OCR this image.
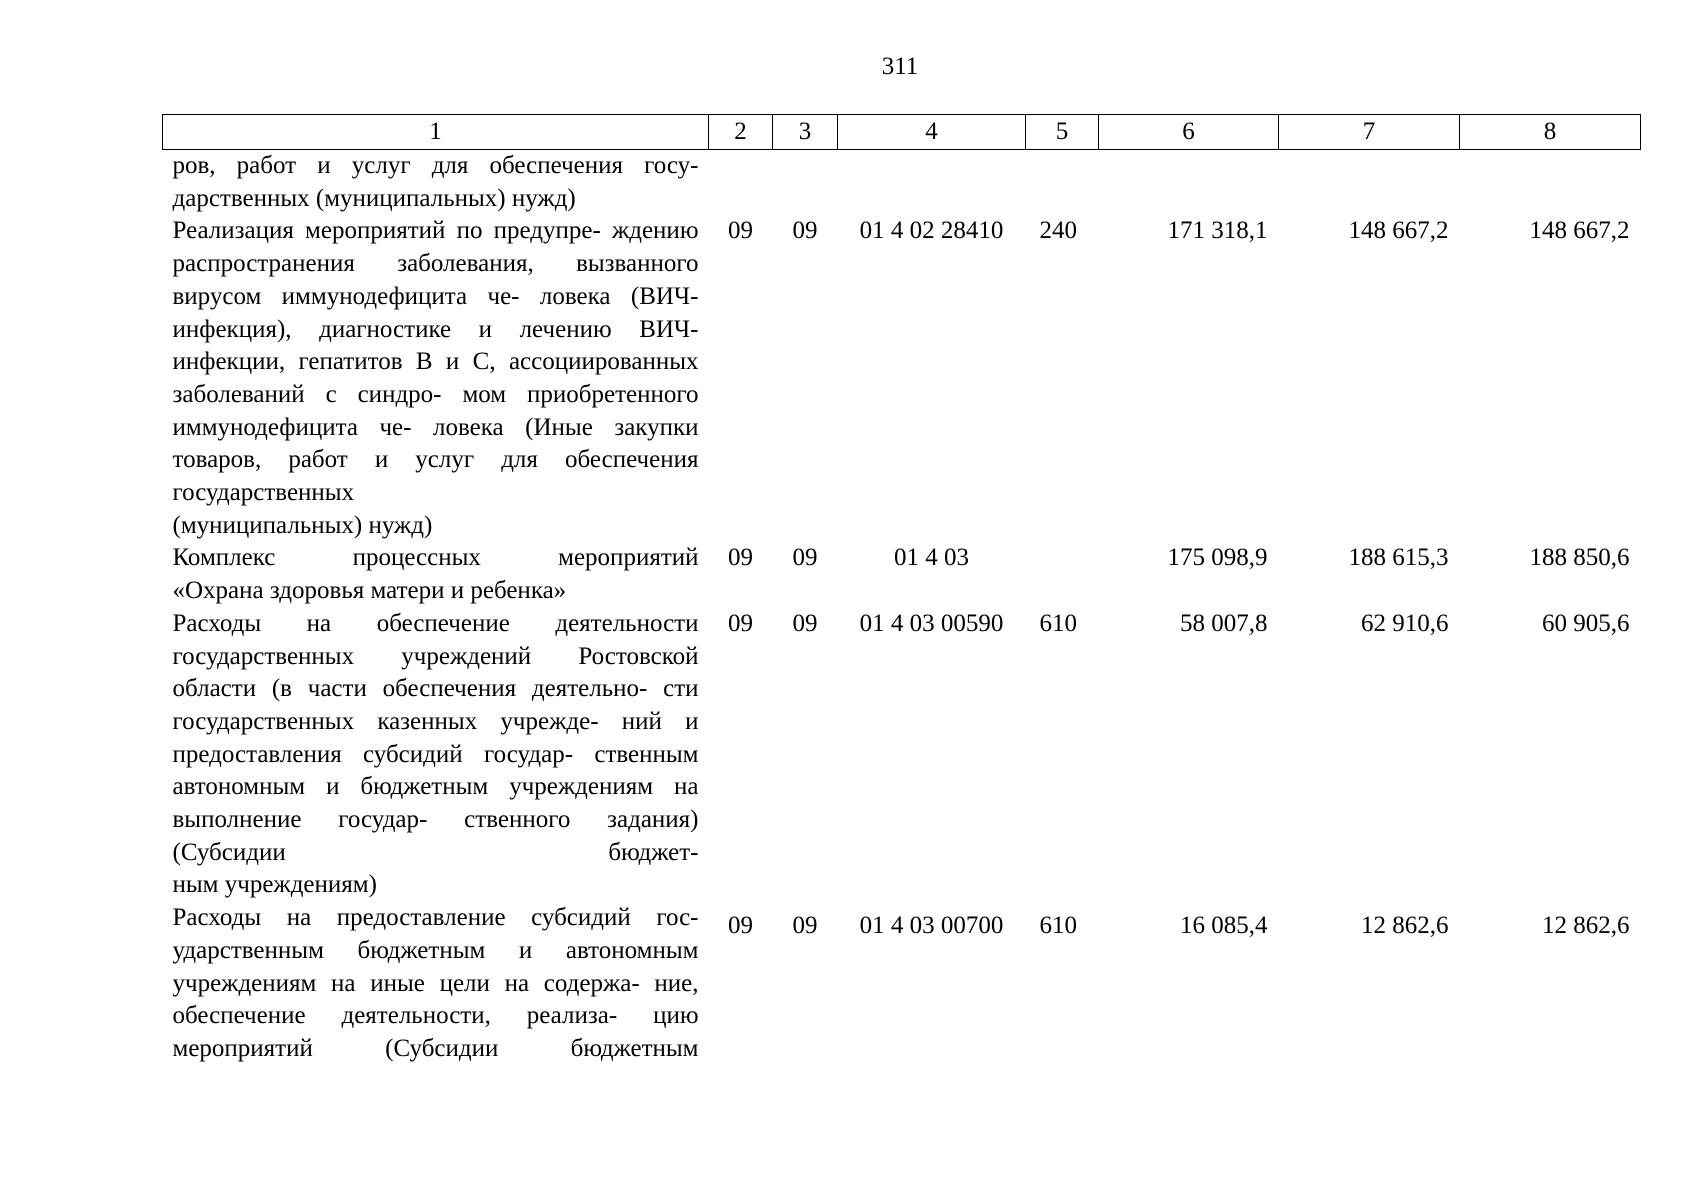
311
1	2	3	4	5	6	7	8
ров, работ и услуг для обеспечения госу-
дарственных (муниципальных) нужд)							

Реализация мероприятий по предупре- ждению распространения заболевания, вызванного вирусом иммунодефицита че- ловека (ВИЧ-инфекция), диагностике и лечению ВИЧ-инфекции, гепатитов В и С, ассоциированных заболеваний с синдро- мом приобретенного иммунодефицита че- ловека (Иные закупки товаров, работ и услуг для обеспечения государственных
(муниципальных) нужд)	09	09	01 4 02 28410	240	171 318,1	148 667,2	148 667,2
Комплекс процессных мероприятий
«Охрана здоровья матери и ребенка»	09	09	01 4 03		175 098,9	188 615,3	188 850,6
Расходы на обеспечение деятельности государственных учреждений Ростовской области (в части обеспечения деятельно- сти государственных казенных учрежде- ний и предоставления субсидий государ- ственным автономным и бюджетным учреждениям на выполнение государ- ственного задания) (Субсидии бюджет-
ным учреждениям)	09	09	01 4 03 00590	610	58 007,8	62 910,6	60 905,6
Расходы на предоставление субсидий гос- ударственным бюджетным и автономным учреждениям на иные цели на содержа- ние, обеспечение деятельности, реализа- цию мероприятий (Субсидии бюджетным	09	09	01 4 03 00700	610	16 085,4	12 862,6	12 862,6
